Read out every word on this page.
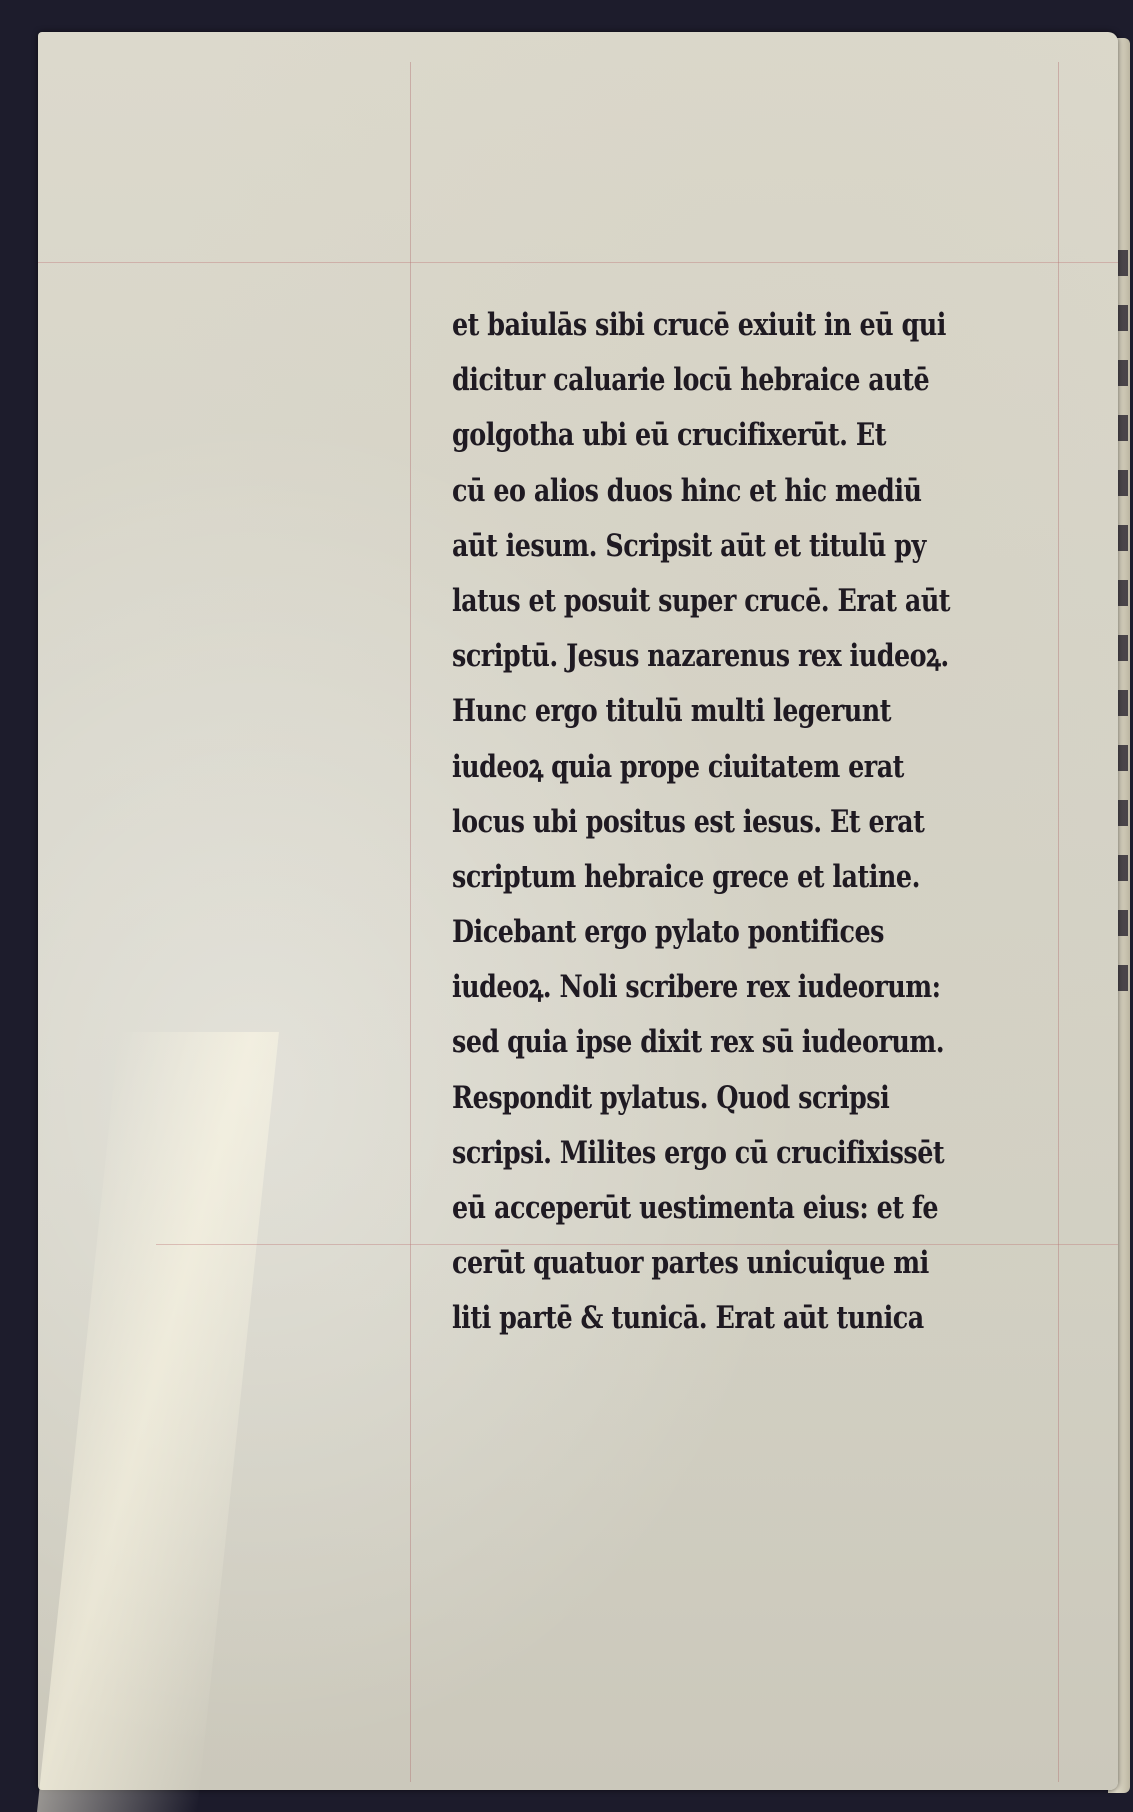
et baiulās sibi crucē exiuit in eū qui
dicitur caluarie locū hebraice autē
golgotha ubi eū crucifixerūt. Et
cū eo alios duos hinc et hic mediū
aūt iesum. Scripsit aūt et titulū py
latus et posuit super crucē. Erat aūt
scriptū. Jesus nazarenus rex iudeoꝝ.
Hunc ergo titulū multi legerunt
iudeoꝝ quia prope ciuitatem erat
locus ubi positus est iesus. Et erat
scriptum hebraice grece et latine.
Dicebant ergo pylato pontifices
iudeoꝝ. Noli scribere rex iudeorum:
sed quia ipse dixit rex sū iudeorum.
Respondit pylatus. Quod scripsi
scripsi. Milites ergo cū crucifixissēt
eū acceperūt uestimenta eius: et fe
cerūt quatuor partes unicuique mi
liti partē & tunicā. Erat aūt tunica
